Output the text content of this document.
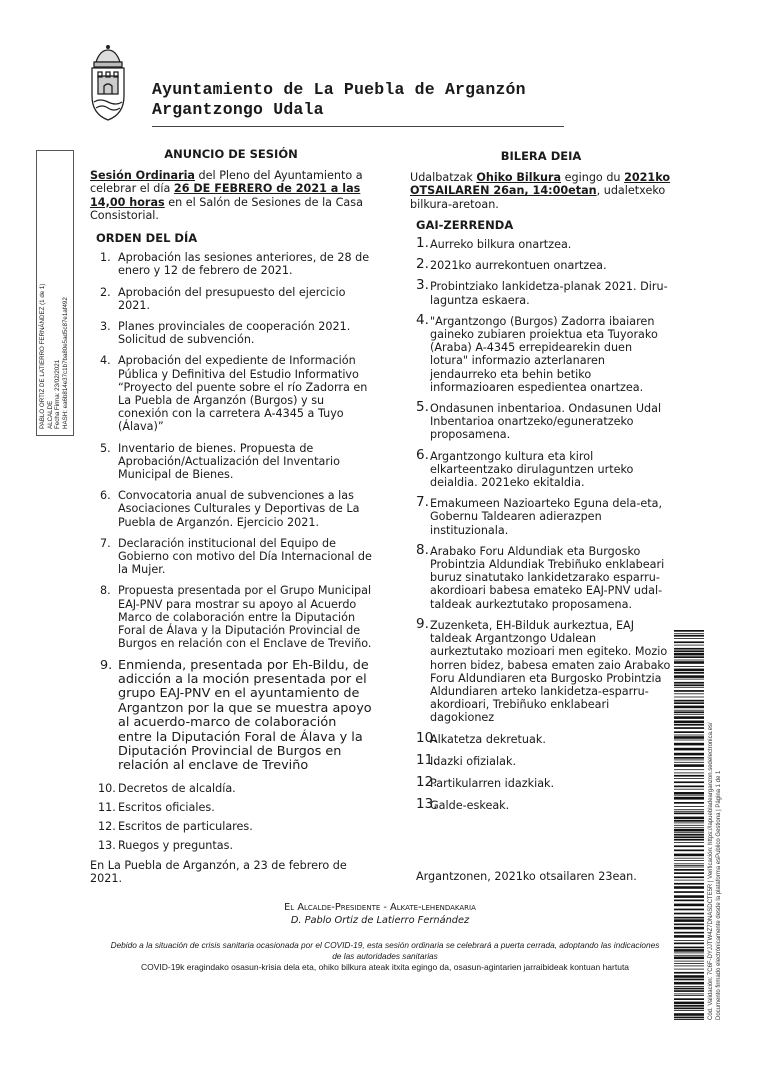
Ayuntamiento de La Puebla de Arganzón
Argantzongo Udala
PABLO ORTIZ DE LATIERRO FERNÁNDEZ (1 de 1) ALCALDE Fecha Firma: 23/02/2021 HASH: ea6b814e37c1b7ba80e5ad5c87e1af492
ANUNCIO DE SESIÓN
Sesión Ordinaria del Pleno del Ayuntamiento a celebrar el día 26 DE FEBRERO de 2021 a las 14,00 horas en el Salón de Sesiones de la Casa Consistorial.
ORDEN DEL DÍA
1. Aprobación las sesiones anteriores, de 28 de enero y 12 de febrero de 2021.
2. Aprobación del presupuesto del ejercicio 2021.
3. Planes provinciales de cooperación 2021. Solicitud de subvención.
4. Aprobación del expediente de Información Pública y Definitiva del Estudio Informativo “Proyecto del puente sobre el río Zadorra en La Puebla de Arganzón (Burgos) y su conexión con la carretera A-4345 a Tuyo (Álava)”
5. Inventario de bienes. Propuesta de Aprobación/Actualización del Inventario Municipal de Bienes.
6. Convocatoria anual de subvenciones a las Asociaciones Culturales y Deportivas de La Puebla de Arganzón. Ejercicio 2021.
7. Declaración institucional del Equipo de Gobierno con motivo del Día Internacional de la Mujer.
8. Propuesta presentada por el Grupo Municipal EAJ-PNV para mostrar su apoyo al Acuerdo Marco de colaboración entre la Diputación Foral de Álava y la Diputación Provincial de Burgos en relación con el Enclave de Treviño.
9. Enmienda, presentada por Eh-Bildu, de adicción a la moción presentada por el grupo EAJ-PNV en el ayuntamiento de Argantzon por la que se muestra apoyo al acuerdo-marco de colaboración entre la Diputación Foral de Álava y la Diputación Provincial de Burgos en relación al enclave de Treviño
10. Decretos de alcaldía.
11. Escritos oficiales.
12. Escritos de particulares.
13. Ruegos y preguntas.
En La Puebla de Arganzón, a 23 de febrero de 2021.
BILERA DEIA
Udalbatzak Ohiko Bilkura egingo du 2021ko OTSAILAREN 26an, 14:00etan, udaletxeko bilkura-aretoan.
GAI-ZERRENDA
1. Aurreko bilkura onartzea.
2. 2021ko aurrekontuen onartzea.
3. Probintziako lankidetza-planak 2021. Diru-laguntza eskaera.
4. "Argantzongo (Burgos) Zadorra ibaiaren gaineko zubiaren proiektua eta Tuyorako (Araba) A-4345 errepidearekin duen lotura" informazio azterlanaren jendaurreko eta behin betiko informazioaren espedientea onartzea.
5. Ondasunen inbentarioa. Ondasunen Udal Inbentarioa onartzeko/eguneratzeko proposamena.
6. Argantzongo kultura eta kirol elkarteentzako dirulaguntzen urteko deialdia. 2021eko ekitaldia.
7. Emakumeen Nazioarteko Eguna dela-eta, Gobernu Taldearen adierazpen instituzionala.
8. Arabako Foru Aldundiak eta Burgosko Probintzia Aldundiak Trebiñuko enklabeari buruz sinatutako lankidetzarako esparru-akordioari babesa emateko EAJ-PNV udal-taldeak aurkeztutako proposamena.
9. Zuzenketa, EH-Bilduk aurkeztua, EAJ taldeak Argantzongo Udalean aurkeztutako mozioari men egiteko. Mozio horren bidez, babesa ematen zaio Arabako Foru Aldundiaren eta Burgosko Probintzia Aldundiaren arteko lankidetza-esparru-akordioari, Trebiñuko enklabeari dagokionez
10.
Alkatetza dekretuak.
11.
Idazki ofizialak.
12.
Partikularren idazkiak.
13.
Galde-eskeak.
Argantzonen, 2021ko otsailaren 23ean.
El Alcalde-Presidente - Alkate-lehendakaria
D. Pablo Ortiz de Latierro Fernández
Debido a la situación de crisis sanitaria ocasionada por el COVID-19, esta sesión ordinaria se celebrará a puerta cerrada, adoptando las indicaciones de las autoridades sanitarias
COVID-19k eragindako osasun-krisia dela eta, ohiko bilkura ateak itxita egingo da, osasun-agintarien jarraibideak kontuan hartuta	Cód. Validación: 7C6F-DYJJTW4Z7DNASDCTE5R | Verificación: https://lapuebladearganzon.sedelectronica.es/ Documento firmado electrónicamente desde la plataforma esPublico Gestiona | Página 1 de 1
